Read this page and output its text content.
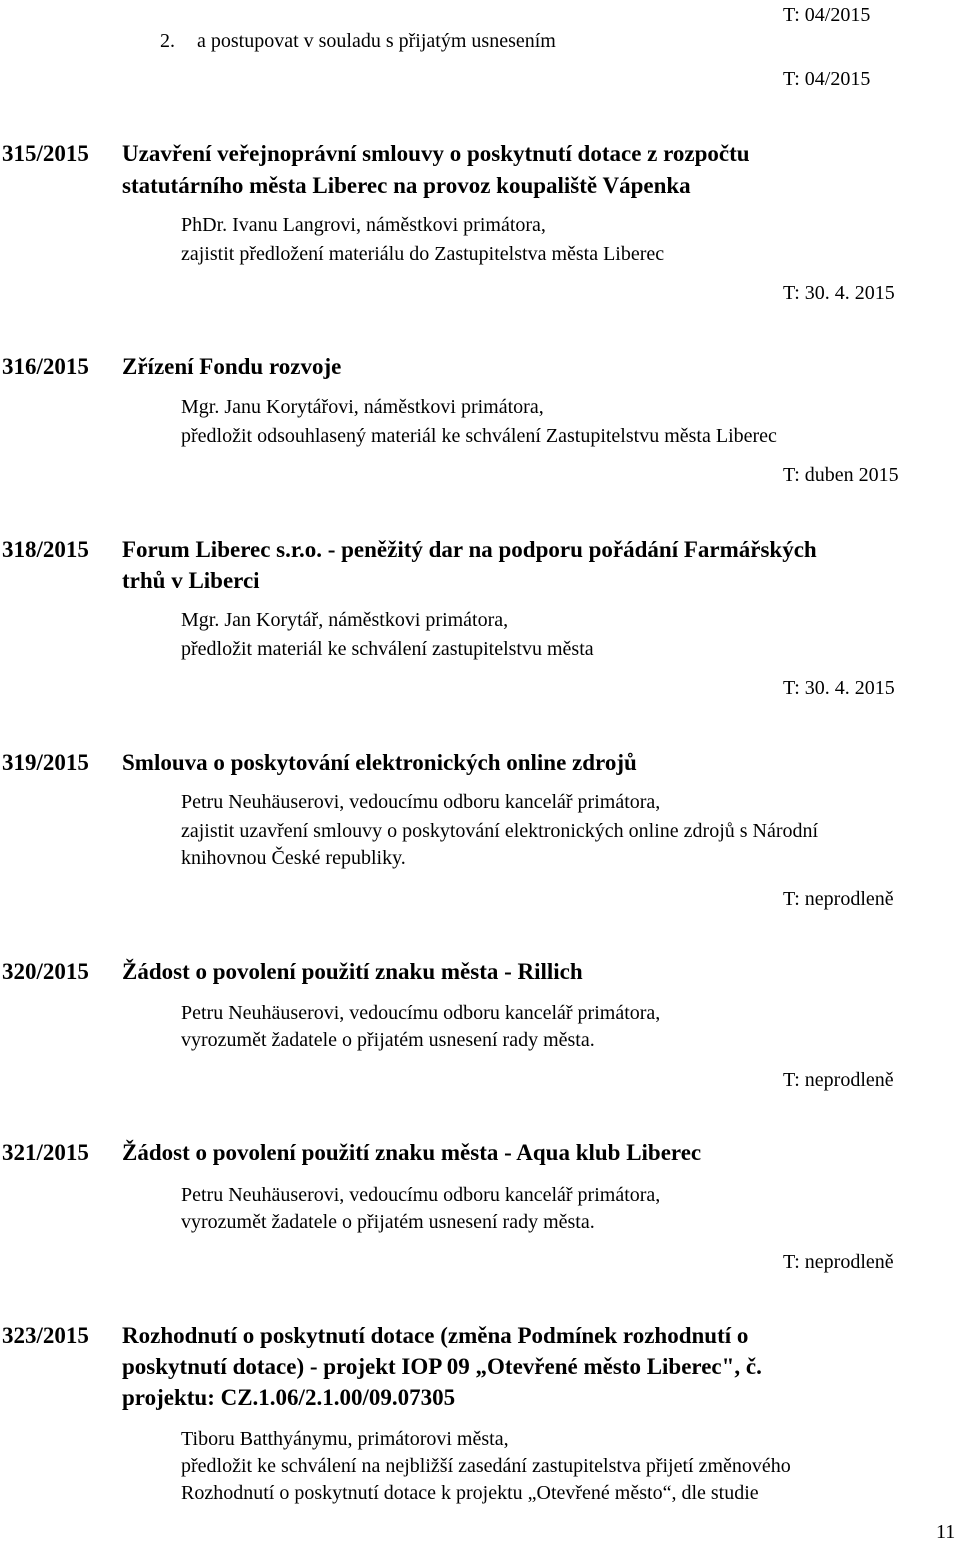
2. a postupovat v souladu s přijatým usnesením
T: 04/2015
T: 04/2015
315/2015 Uzavření veřejnoprávní smlouvy o poskytnutí dotace z rozpočtu
statutárního města Liberec na provoz koupaliště Vápenka
PhDr. Ivanu Langrovi, náměstkovi primátora,
zajistit předložení materiálu do Zastupitelstva města Liberec
T: 30. 4. 2015
316/2015 Zřízení Fondu rozvoje
Mgr. Janu Korytářovi, náměstkovi primátora,
předložit odsouhlasený materiál ke schválení Zastupitelstvu města Liberec
T: duben 2015
318/2015 Forum Liberec s.r.o. - peněžitý dar na podporu pořádání Farmářských
trhů v Liberci
Mgr. Jan Korytář, náměstkovi primátora,
předložit materiál ke schválení zastupitelstvu města
T: 30. 4. 2015
319/2015 Smlouva o poskytování elektronických online zdrojů
Petru Neuhäuserovi, vedoucímu odboru kancelář primátora,
zajistit uzavření smlouvy o poskytování elektronických online zdrojů s Národní
knihovnou České republiky.
T: neprodleně
320/2015 Žádost o povolení použití znaku města - Rillich
Petru Neuhäuserovi, vedoucímu odboru kancelář primátora,
vyrozumět žadatele o přijatém usnesení rady města.
T: neprodleně
321/2015 Žádost o povolení použití znaku města - Aqua klub Liberec
Petru Neuhäuserovi, vedoucímu odboru kancelář primátora,
vyrozumět žadatele o přijatém usnesení rady města.
T: neprodleně
323/2015 Rozhodnutí o poskytnutí dotace (změna Podmínek rozhodnutí o
poskytnutí dotace) - projekt IOP 09 „Otevřené město Liberec", č.
projektu: CZ.1.06/2.1.00/09.07305
Tiboru Batthyánymu, primátorovi města,
předložit ke schválení na nejbližší zasedání zastupitelstva přijetí změnového
Rozhodnutí o poskytnutí dotace k projektu „Otevřené město“, dle studie
11
